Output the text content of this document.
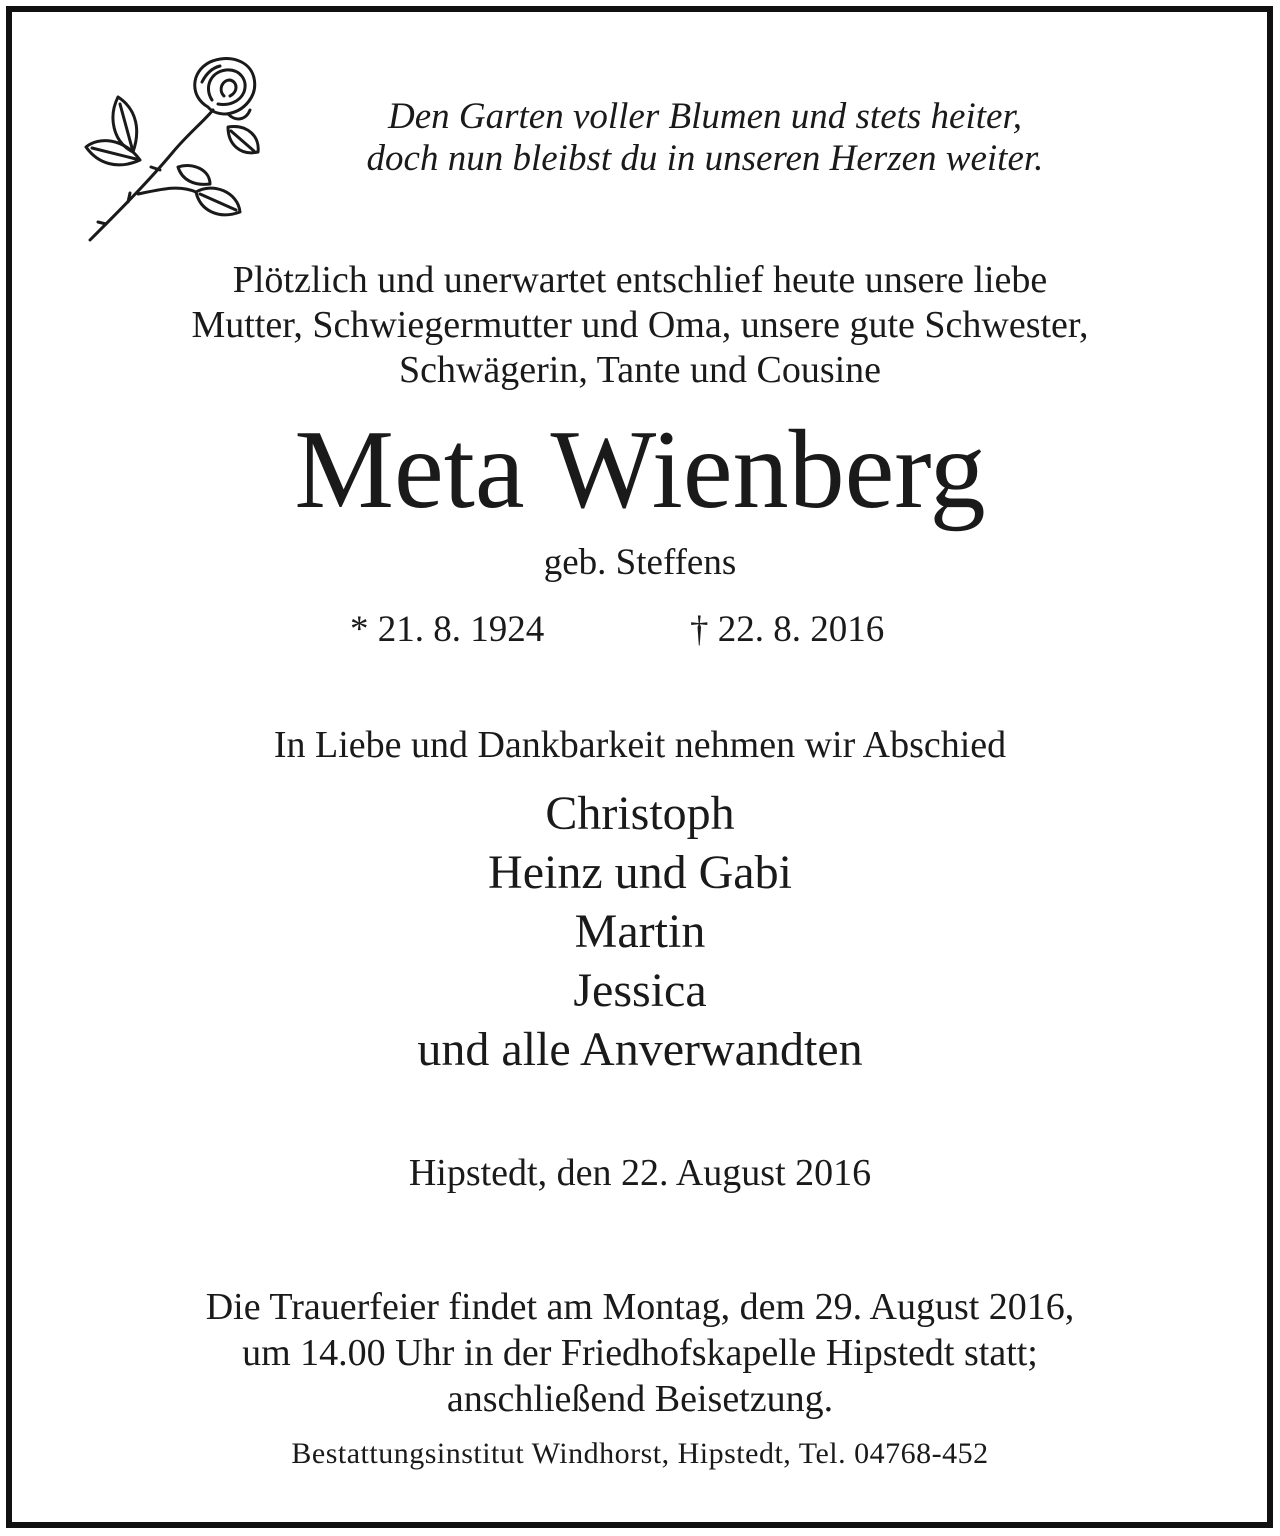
Den Garten voller Blumen und stets heiter,
doch nun bleibst du in unseren Herzen weiter.
Plötzlich und unerwartet entschlief heute unsere liebe
Mutter, Schwiegermutter und Oma, unsere gute Schwester,
Schwägerin, Tante und Cousine
Meta Wienberg
geb. Steffens
* 21. 8. 1924	† 22. 8. 2016
In Liebe und Dankbarkeit nehmen wir Abschied
Christoph
Heinz und Gabi
Martin
Jessica
und alle Anverwandten
Hipstedt, den 22. August 2016
Die Trauerfeier findet am Montag, dem 29. August 2016,
um 14.00 Uhr in der Friedhofskapelle Hipstedt statt;
anschließend Beisetzung.
Bestattungsinstitut Windhorst, Hipstedt, Tel. 04768-452
